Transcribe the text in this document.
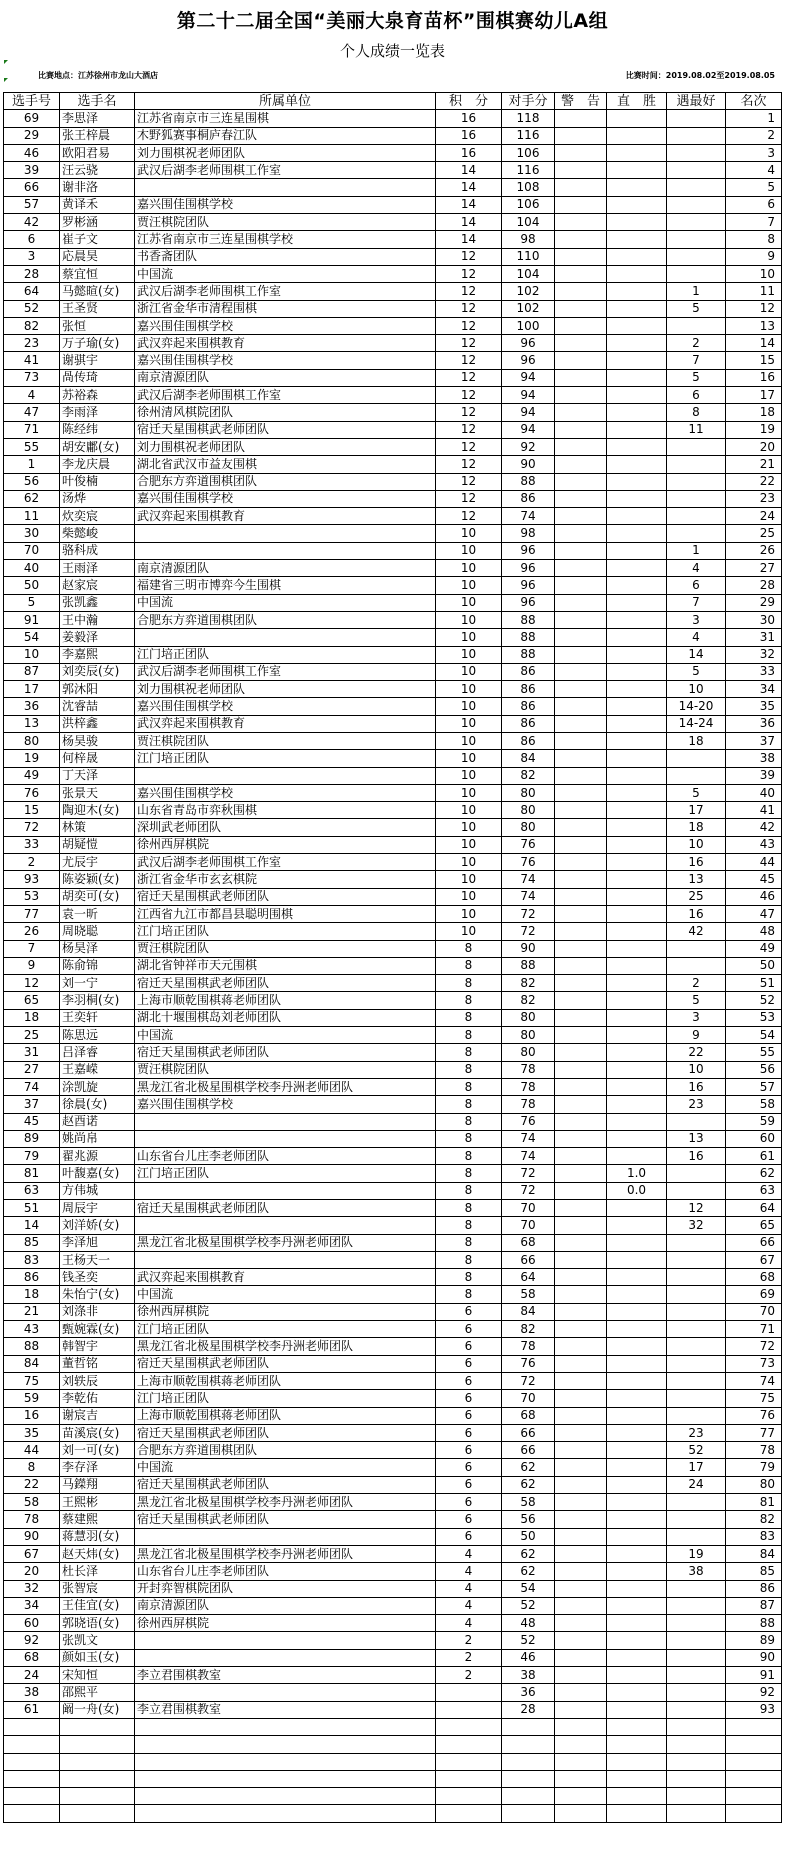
第二十二届全国“美丽大泉育苗杯”围棋赛幼儿A组
个人成绩一览表
比赛地点：江苏徐州市龙山大酒店	比赛时间：2019.08.02至2019.08.05
选手号	选手名	所属单位	积　分	对手分	警　告	直　胜	遇最好	名次
69	李思泽	江苏省南京市三连星围棋	16	118				1
29	张王梓晨	木野狐赛事桐庐春江队	16	116				2
46	欧阳君易	刘力围棋祝老师团队	16	106				3
39	汪云骁	武汉后湖李老师围棋工作室	14	116				4
66	谢非洛		14	108				5
57	黄译禾	嘉兴围佳围棋学校	14	106				6
42	罗彬涵	贾汪棋院团队	14	104				7
6	崔子文	江苏省南京市三连星围棋学校	14	98				8
3	応晨昊	书香斋团队	12	110				9
28	蔡宜恒	中国流	12	104				10
64	马懿暄(女)	武汉后湖李老师围棋工作室	12	102			1	11
52	王圣贤	浙江省金华市清程围棋	12	102			5	12
82	张恒	嘉兴围佳围棋学校	12	100				13
23	万子瑜(女)	武汉弈起来围棋教育	12	96			2	14
41	谢骐宇	嘉兴围佳围棋学校	12	96			7	15
73	咼传琦	南京清源团队	12	94			5	16
4	苏裕森	武汉后湖李老师围棋工作室	12	94			6	17
47	李雨泽	徐州清风棋院团队	12	94			8	18
71	陈经纬	宿迁天星围棋武老师团队	12	94			11	19
55	胡安鄘(女)	刘力围棋祝老师团队	12	92				20
1	李龙庆晨	湖北省武汉市益友围棋	12	90				21
56	叶俊楠	合肥东方弈道围棋团队	12	88				22
62	汤烨	嘉兴围佳围棋学校	12	86				23
11	炊奕宸	武汉弈起来围棋教育	12	74				24
30	柴懿峻		10	98				25
70	骆科成		10	96			1	26
40	王雨泽	南京清源团队	10	96			4	27
50	赵家宸	福建省三明市博弈今生围棋	10	96			6	28
5	张凯鑫	中国流	10	96			7	29
91	王中瀚	合肥东方弈道围棋团队	10	88			3	30
54	姜毅泽		10	88			4	31
10	李嘉熙	江门培正团队	10	88			14	32
87	刘奕辰(女)	武汉后湖李老师围棋工作室	10	86			5	33
17	郭沐阳	刘力围棋祝老师团队	10	86			10	34
36	沈睿喆	嘉兴围佳围棋学校	10	86			14-20	35
13	洪梓鑫	武汉弈起来围棋教育	10	86			14-24	36
80	杨昊骏	贾汪棋院团队	10	86			18	37
19	何梓晟	江门培正团队	10	84				38
49	丁天泽		10	82				39
76	张景天	嘉兴围佳围棋学校	10	80			5	40
15	陶迎木(女)	山东省青岛市弈秋围棋	10	80			17	41
72	林策	深圳武老师团队	10	80			18	42
33	胡疑愷	徐州西屏棋院	10	76			10	43
2	尤辰宇	武汉后湖李老师围棋工作室	10	76			16	44
93	陈姿颖(女)	浙江省金华市玄玄棋院	10	74			13	45
53	胡奕可(女)	宿迁天星围棋武老师团队	10	74			25	46
77	袁一昕	江西省九江市都昌县聪明围棋	10	72			16	47
26	周晓聪	江门培正团队	10	72			42	48
7	杨昊泽	贾汪棋院团队	8	90				49
9	陈俞锦	湖北省钟祥市天元围棋	8	88				50
12	刘一宁	宿迁天星围棋武老师团队	8	82			2	51
65	李羽桐(女)	上海市顺乾围棋蒋老师团队	8	82			5	52
18	王奕轩	湖北十堰围棋岛刘老师团队	8	80			3	53
25	陈思远	中国流	8	80			9	54
31	吕泽睿	宿迁天星围棋武老师团队	8	80			22	55
27	王嘉嵘	贾汪棋院团队	8	78			10	56
74	涂凯旋	黑龙江省北极星围棋学校李丹洲老师团队	8	78			16	57
37	徐晨(女)	嘉兴围佳围棋学校	8	78			23	58
45	赵酉诺		8	76				59
89	姚尚帛		8	74			13	60
79	翟兆源	山东省台儿庄李老师团队	8	74			16	61
81	叶馥嘉(女)	江门培正团队	8	72		1.0		62
63	方伟城		8	72		0.0		63
51	周辰宇	宿迁天星围棋武老师团队	8	70			12	64
14	刘洋娇(女)		8	70			32	65
85	李泽旭	黑龙江省北极星围棋学校李丹洲老师团队	8	68				66
83	王杨天一		8	66				67
86	钱圣奕	武汉弈起来围棋教育	8	64				68
18	朱怡宁(女)	中国流	8	58				69
21	刘涤非	徐州西屏棋院	6	84				70
43	甄婉霖(女)	江门培正团队	6	82				71
88	韩智宇	黑龙江省北极星围棋学校李丹洲老师团队	6	78				72
84	董哲铭	宿迁天星围棋武老师团队	6	76				73
75	刘轶辰	上海市顺乾围棋蒋老师团队	6	72				74
59	李乾佑	江门培正团队	6	70				75
16	谢宸吉	上海市顺乾围棋蒋老师团队	6	68				76
35	苗溪宸(女)	宿迁天星围棋武老师团队	6	66			23	77
44	刘一可(女)	合肥东方弈道围棋团队	6	66			52	78
8	李存泽	中国流	6	62			17	79
22	马鑅翔	宿迁天星围棋武老师团队	6	62			24	80
58	王熙彬	黑龙江省北极星围棋学校李丹洲老师团队	6	58				81
78	蔡建熙	宿迁天星围棋武老师团队	6	56				82
90	蒋慧羽(女)		6	50				83
67	赵天炜(女)	黑龙江省北极星围棋学校李丹洲老师团队	4	62			19	84
20	杜长泽	山东省台儿庄李老师团队	4	62			38	85
32	张智宸	开封弈智棋院团队	4	54				86
34	王佳宜(女)	南京清源团队	4	52				87
60	郭晓语(女)	徐州西屏棋院	4	48				88
92	张凯文		2	52				89
68	颜如玉(女)		2	46				90
24	宋知恒	李立君围棋教室	2	38				91
38	邵熙平			36				92
61	阚一舟(女)	李立君围棋教室		28				93
